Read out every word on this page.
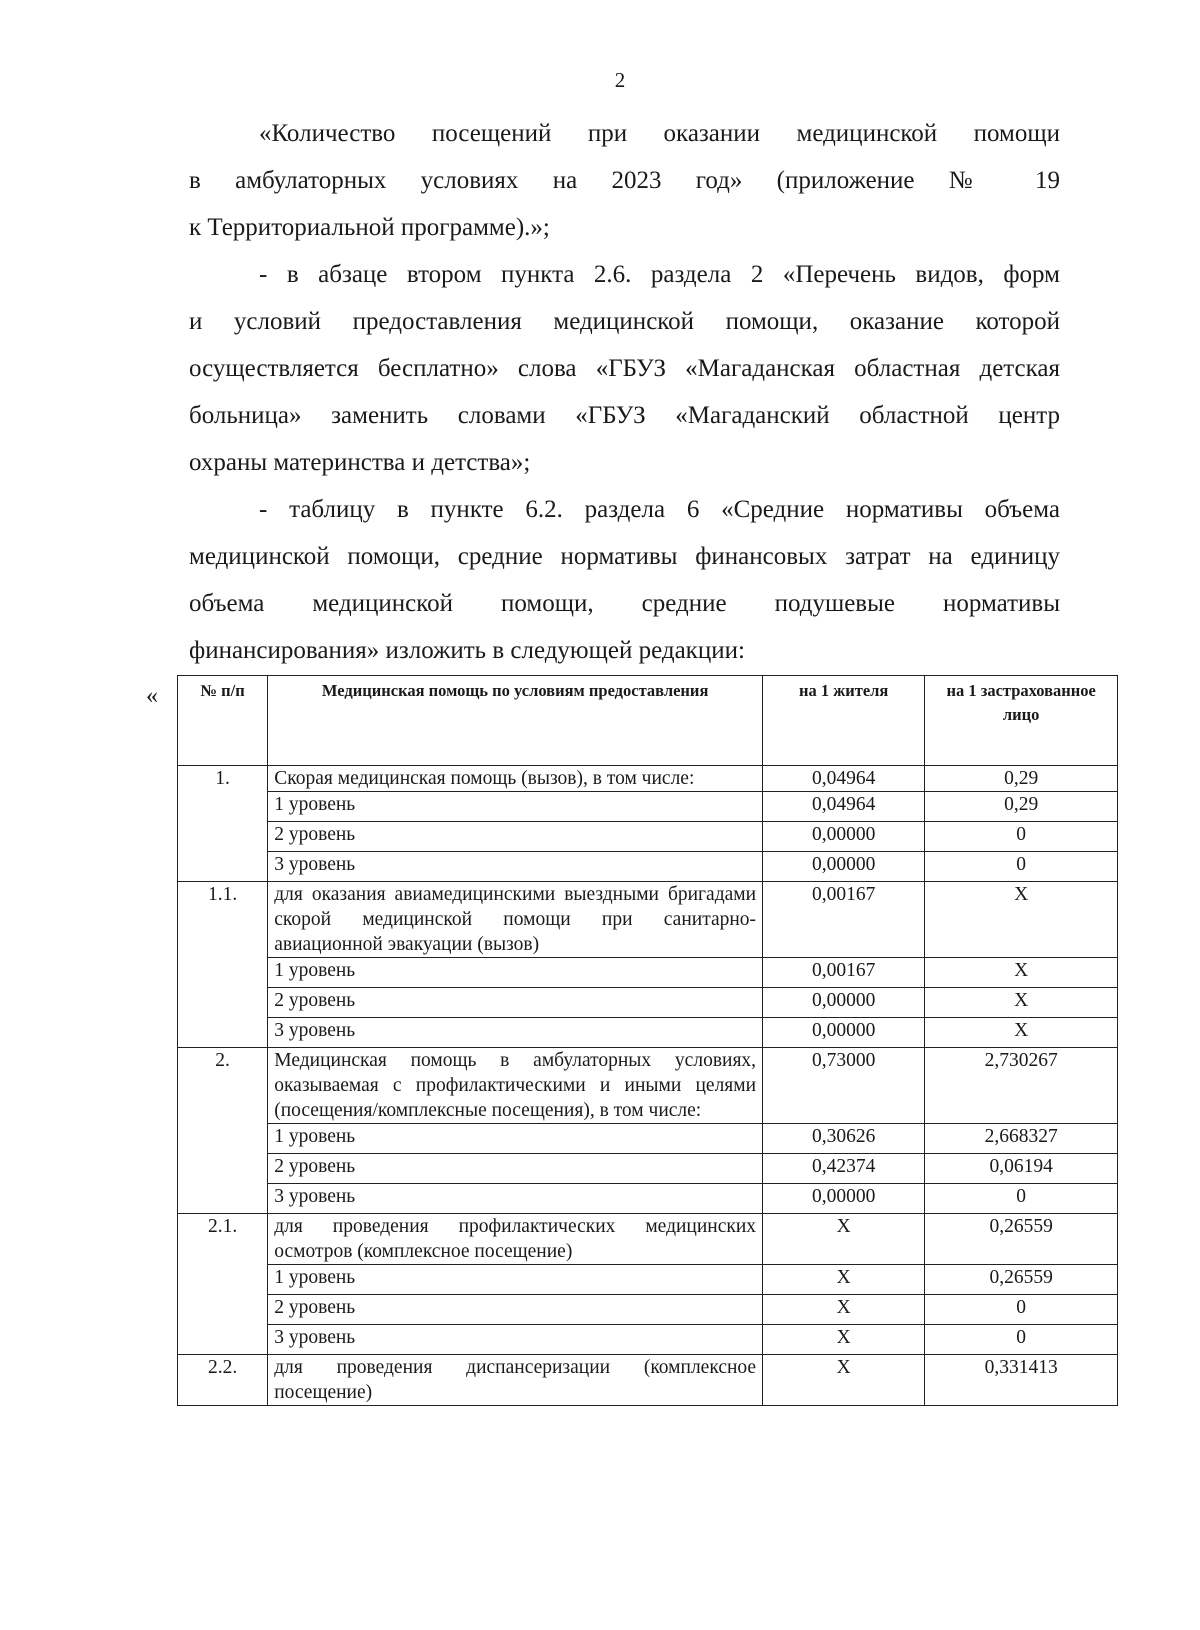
2

«Количество посещений при оказании медицинской помощи
в амбулаторных условиях на 2023 год» (приложение № 19
к Территориальной программе).»;

- в абзаце втором пункта 2.6. раздела 2 «Перечень видов, форм
и условий предоставления медицинской помощи, оказание которой
осуществляется бесплатно» слова «ГБУЗ «Магаданская областная детская
больница» заменить словами «ГБУЗ «Магаданский областной центр
охраны материнства и детства»;

- таблицу в пункте 6.2. раздела 6 «Средние нормативы объема
медицинской помощи, средние нормативы финансовых затрат на единицу
объема медицинской помощи, средние подушевые нормативы
финансирования» изложить в следующей редакции:

«	№ п/п	Медицинская помощь по условиям предоставления	на 1 жителя	на 1 застрахованное лицо
1.	Скорая медицинская помощь (вызов), в том числе:	0,04964	0,29
	1 уровень	0,04964	0,29
	2 уровень	0,00000	0
	3 уровень	0,00000	0
1.1.	для оказания авиамедицинскими выездными бригадами скорой медицинской помощи при санитарно-авиационной эвакуации (вызов)	0,00167	X
	1 уровень	0,00167	X
	2 уровень	0,00000	X
	3 уровень	0,00000	X
2.	Медицинская помощь в амбулаторных условиях, оказываемая с профилактическими и иными целями (посещения/комплексные посещения), в том числе:	0,73000	2,730267
	1 уровень	0,30626	2,668327
	2 уровень	0,42374	0,06194
	3 уровень	0,00000	0
2.1.	для проведения профилактических медицинских осмотров (комплексное посещение)	X	0,26559
	1 уровень	X	0,26559
	2 уровень	X	0
	3 уровень	X	0
2.2.	для проведения диспансеризации (комплексное посещение)	X	0,331413
